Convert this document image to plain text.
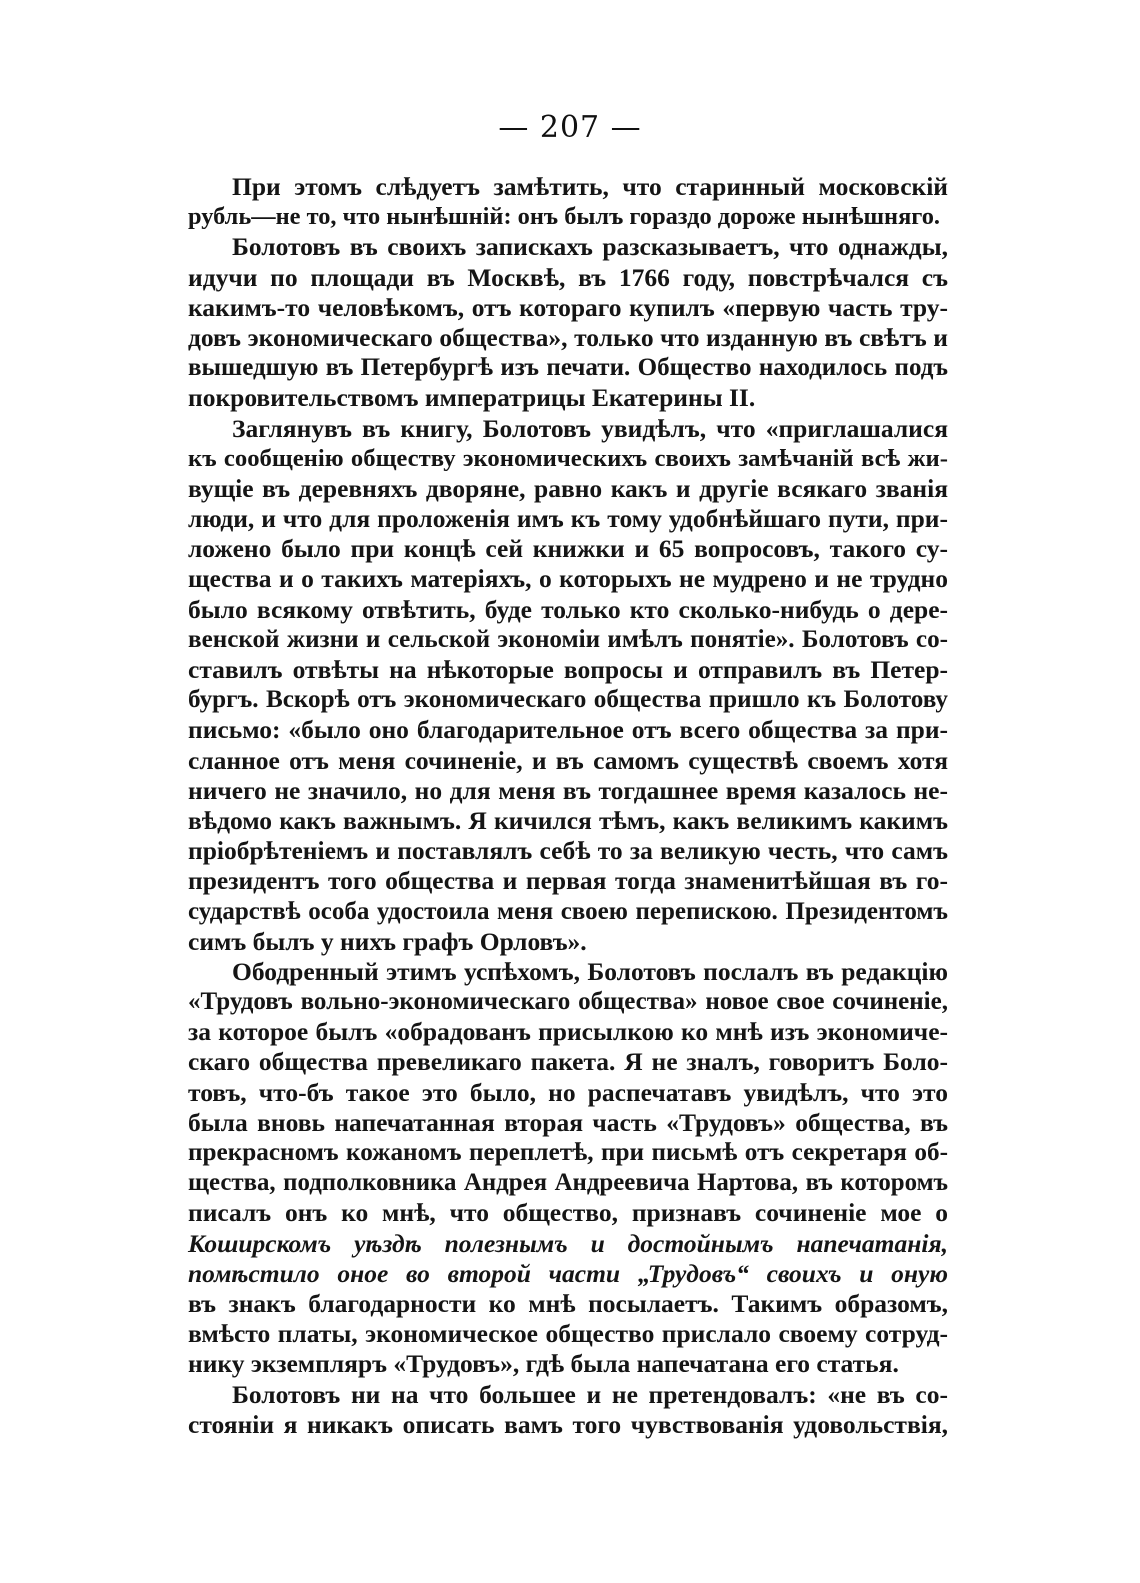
— 207 —
При этомъ слѣдуетъ замѣтить, что старинный московскій
рубль—не то, что нынѣшній: онъ былъ гораздо дороже нынѣшняго.
Болотовъ въ своихъ запискахъ разсказываетъ, что однажды,
идучи по площади въ Москвѣ, въ 1766 году, повстрѣчался съ
какимъ-то человѣкомъ, отъ котораго купилъ «первую часть тру-
довъ экономическаго общества», только что изданную въ свѣтъ и
вышедшую въ Петербургѣ изъ печати. Общество находилось подъ
покровительствомъ императрицы Екатерины II.
Заглянувъ въ книгу, Болотовъ увидѣлъ, что «приглашалися
къ сообщенію обществу экономическихъ своихъ замѣчаній всѣ жи-
вущіе въ деревняхъ дворяне, равно какъ и другіе всякаго званія
люди, и что для проложенія имъ къ тому удобнѣйшаго пути, при-
ложено было при концѣ сей книжки и 65 вопросовъ, такого су-
щества и о такихъ матеріяхъ, о которыхъ не мудрено и не трудно
было всякому отвѣтить, буде только кто сколько-нибудь о дере-
венской жизни и сельской экономіи имѣлъ понятіе». Болотовъ со-
ставилъ отвѣты на нѣкоторые вопросы и отправилъ въ Петер-
бургъ. Вскорѣ отъ экономическаго общества пришло къ Болотову
письмо: «было оно благодарительное отъ всего общества за при-
сланное отъ меня сочиненіе, и въ самомъ существѣ своемъ хотя
ничего не значило, но для меня въ тогдашнее время казалось не-
вѣдомо какъ важнымъ. Я кичился тѣмъ, какъ великимъ какимъ
пріобрѣтеніемъ и поставлялъ себѣ то за великую честь, что самъ
президентъ того общества и первая тогда знаменитѣйшая въ го-
сударствѣ особа удостоила меня своею перепискою. Президентомъ
симъ былъ у нихъ графъ Орловъ».
Ободренный этимъ успѣхомъ, Болотовъ послалъ въ редакцію
«Трудовъ вольно-экономическаго общества» новое свое сочиненіе,
за которое былъ «обрадованъ присылкою ко мнѣ изъ экономиче-
скаго общества превеликаго пакета. Я не зналъ, говоритъ Боло-
товъ, что-бъ такое это было, но распечатавъ увидѣлъ, что это
была вновь напечатанная вторая часть «Трудовъ» общества, въ
прекрасномъ кожаномъ переплетѣ, при письмѣ отъ секретаря об-
щества, подполковника Андрея Андреевича Нартова, въ которомъ
писалъ онъ ко мнѣ, что общество, признавъ сочиненіе мое о
Коширскомъ уѣздѣ полезнымъ и достойнымъ напечатанія,
помѣстило оное во второй части „Трудовъ“ своихъ и оную
въ знакъ благодарности ко мнѣ посылаетъ. Такимъ образомъ,
вмѣсто платы, экономическое общество прислало своему сотруд-
нику экземпляръ «Трудовъ», гдѣ была напечатана его статья.
Болотовъ ни на что большее и не претендовалъ: «не въ со-
стояніи я никакъ описать вамъ того чувствованія удовольствія,
